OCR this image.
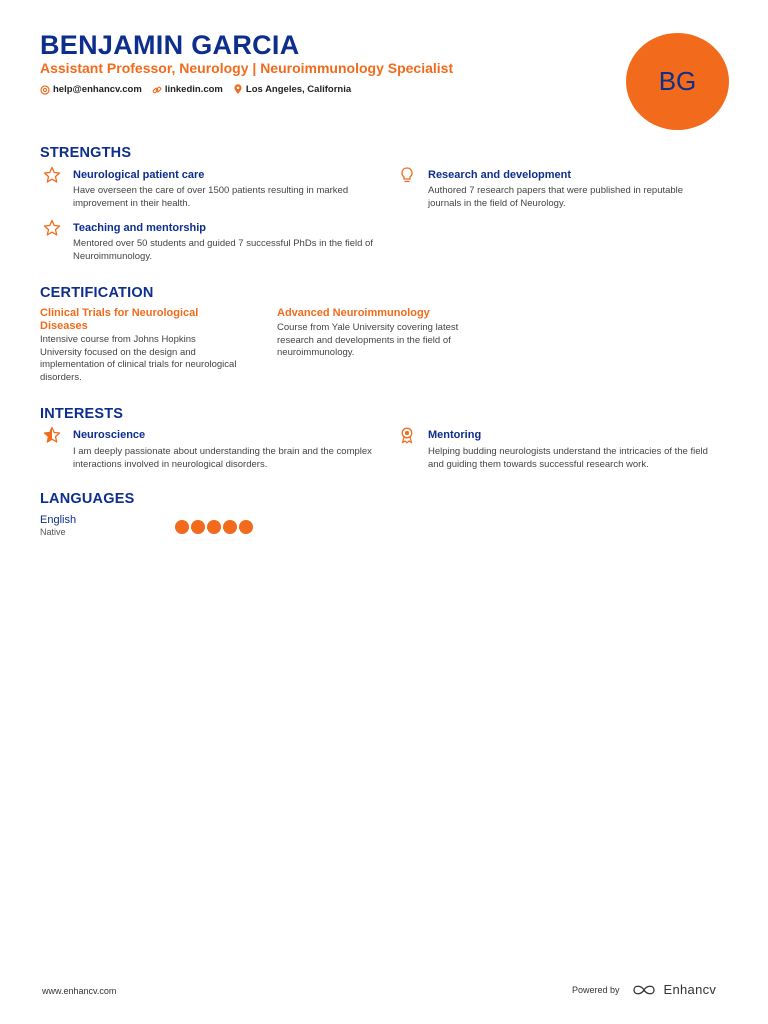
BENJAMIN GARCIA
Assistant Professor, Neurology | Neuroimmunology Specialist
help@enhancv.com linkedin.com Los Angeles, California	BG
STRENGTHS
Neurological patient care
Have overseen the care of over 1500 patients resulting in marked improvement in their health.
Research and development
Authored 7 research papers that were published in reputable journals in the field of Neurology.
Teaching and mentorship
Mentored over 50 students and guided 7 successful PhDs in the field of Neuroimmunology.
CERTIFICATION
Clinical Trials for Neurological Diseases
Intensive course from Johns Hopkins University focused on the design and implementation of clinical trials for neurological disorders.
Advanced Neuroimmunology
Course from Yale University covering latest research and developments in the field of neuroimmunology.
INTERESTS
Neuroscience
I am deeply passionate about understanding the brain and the complex interactions involved in neurological disorders.
Mentoring
Helping budding neurologists understand the intricacies of the field and guiding them towards successful research work.
LANGUAGES
English
Native
www.enhancv.com	Powered by	Enhancv
